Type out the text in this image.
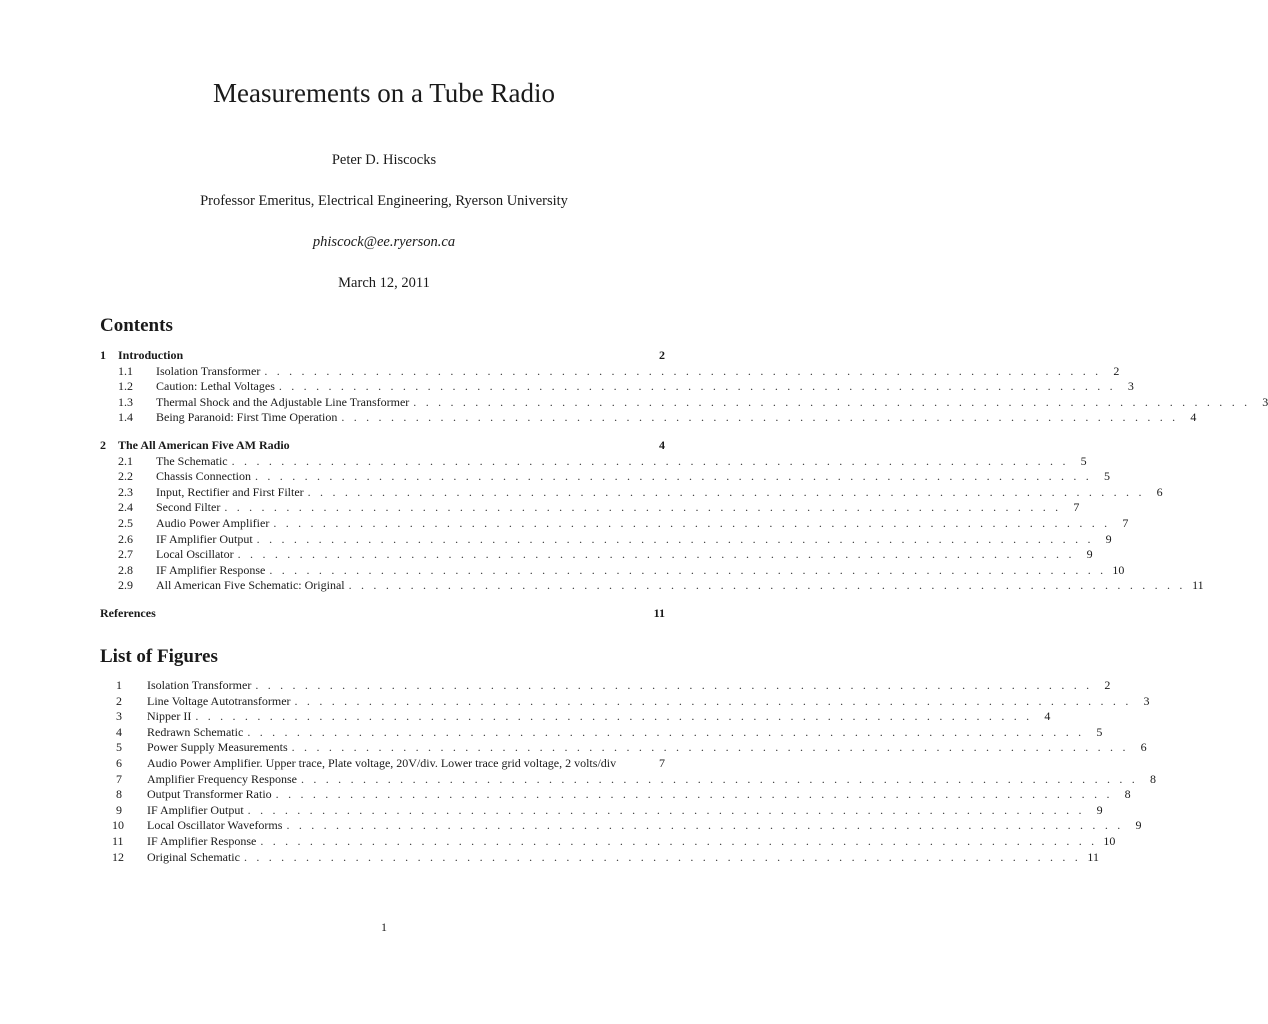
Measurements on a Tube Radio
Peter D. Hiscocks
Professor Emeritus, Electrical Engineering, Ryerson University
phiscock@ee.ryerson.ca
March 12, 2011
Contents
1	Introduction	2
1.1	Isolation Transformer . . . . . . . . . . . . . . . . . . . . . . . . . . . . . . . . . . . . . . . . . . . . . . . . . . . . . . . . . . . . . . . . . . . .	2
1.2	Caution: Lethal Voltages . . . . . . . . . . . . . . . . . . . . . . . . . . . . . . . . . . . . . . . . . . . . . . . . . . . . . . . . . . . . . . . . . . . .	3
1.3	Thermal Shock and the Adjustable Line Transformer . . . . . . . . . . . . . . . . . . . . . . . . . . . . . . . . . . . . . . . . . . . . . . . . . . . . . . . . . . . . . . . . . . . .	3
1.4	Being Paranoid: First Time Operation . . . . . . . . . . . . . . . . . . . . . . . . . . . . . . . . . . . . . . . . . . . . . . . . . . . . . . . . . . . . . . . . . . . .	4
2	The All American Five AM Radio	4
2.1	The Schematic . . . . . . . . . . . . . . . . . . . . . . . . . . . . . . . . . . . . . . . . . . . . . . . . . . . . . . . . . . . . . . . . . . . .	5
2.2	Chassis Connection . . . . . . . . . . . . . . . . . . . . . . . . . . . . . . . . . . . . . . . . . . . . . . . . . . . . . . . . . . . . . . . . . . . .	5
2.3	Input, Rectifier and First Filter . . . . . . . . . . . . . . . . . . . . . . . . . . . . . . . . . . . . . . . . . . . . . . . . . . . . . . . . . . . . . . . . . . . .	6
2.4	Second Filter . . . . . . . . . . . . . . . . . . . . . . . . . . . . . . . . . . . . . . . . . . . . . . . . . . . . . . . . . . . . . . . . . . . .	7
2.5	Audio Power Amplifier . . . . . . . . . . . . . . . . . . . . . . . . . . . . . . . . . . . . . . . . . . . . . . . . . . . . . . . . . . . . . . . . . . . .	7
2.6	IF Amplifier Output . . . . . . . . . . . . . . . . . . . . . . . . . . . . . . . . . . . . . . . . . . . . . . . . . . . . . . . . . . . . . . . . . . . .	9
2.7	Local Oscillator . . . . . . . . . . . . . . . . . . . . . . . . . . . . . . . . . . . . . . . . . . . . . . . . . . . . . . . . . . . . . . . . . . . .	9
2.8	IF Amplifier Response . . . . . . . . . . . . . . . . . . . . . . . . . . . . . . . . . . . . . . . . . . . . . . . . . . . . . . . . . . . . . . . . . . . . 10
2.9	All American Five Schematic: Original . . . . . . . . . . . . . . . . . . . . . . . . . . . . . . . . . . . . . . . . . . . . . . . . . . . . . . . . . . . . . . . . . . . . 11
References	11
List of Figures
1	Isolation Transformer . . . . . . . . . . . . . . . . . . . . . . . . . . . . . . . . . . . . . . . . . . . . . . . . . . . . . . . . . . . . . . . . . . . .	2
2	Line Voltage Autotransformer . . . . . . . . . . . . . . . . . . . . . . . . . . . . . . . . . . . . . . . . . . . . . . . . . . . . . . . . . . . . . . . . . . . .	3
3	Nipper II . . . . . . . . . . . . . . . . . . . . . . . . . . . . . . . . . . . . . . . . . . . . . . . . . . . . . . . . . . . . . . . . . . . .	4
4	Redrawn Schematic . . . . . . . . . . . . . . . . . . . . . . . . . . . . . . . . . . . . . . . . . . . . . . . . . . . . . . . . . . . . . . . . . . . .	5
5	Power Supply Measurements . . . . . . . . . . . . . . . . . . . . . . . . . . . . . . . . . . . . . . . . . . . . . . . . . . . . . . . . . . . . . . . . . . . .	6
6	Audio Power Amplifier. Upper trace, Plate voltage, 20V/div. Lower trace grid voltage, 2 volts/div	7
7	Amplifier Frequency Response . . . . . . . . . . . . . . . . . . . . . . . . . . . . . . . . . . . . . . . . . . . . . . . . . . . . . . . . . . . . . . . . . . . .	8
8	Output Transformer Ratio . . . . . . . . . . . . . . . . . . . . . . . . . . . . . . . . . . . . . . . . . . . . . . . . . . . . . . . . . . . . . . . . . . . .	8
9	IF Amplifier Output . . . . . . . . . . . . . . . . . . . . . . . . . . . . . . . . . . . . . . . . . . . . . . . . . . . . . . . . . . . . . . . . . . . .	9
10	Local Oscillator Waveforms . . . . . . . . . . . . . . . . . . . . . . . . . . . . . . . . . . . . . . . . . . . . . . . . . . . . . . . . . . . . . . . . . . . .	9
11	IF Amplifier Response . . . . . . . . . . . . . . . . . . . . . . . . . . . . . . . . . . . . . . . . . . . . . . . . . . . . . . . . . . . . . . . . . . . . 10
12	Original Schematic . . . . . . . . . . . . . . . . . . . . . . . . . . . . . . . . . . . . . . . . . . . . . . . . . . . . . . . . . . . . . . . . . . . . 11
1
